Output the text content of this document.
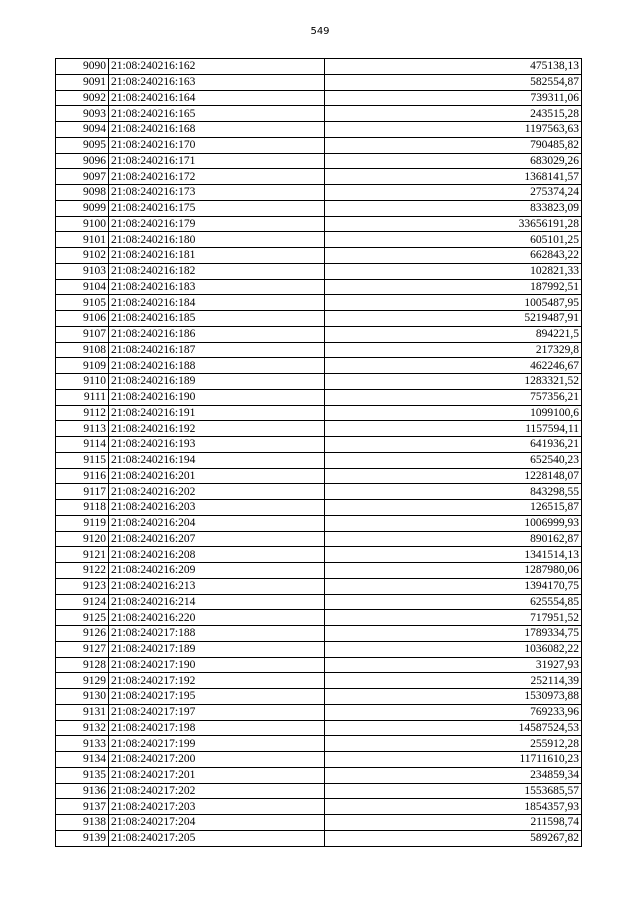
549
9090	21:08:240216:162	475138,13
9091	21:08:240216:163	582554,87
9092	21:08:240216:164	739311,06
9093	21:08:240216:165	243515,28
9094	21:08:240216:168	1197563,63
9095	21:08:240216:170	790485,82
9096	21:08:240216:171	683029,26
9097	21:08:240216:172	1368141,57
9098	21:08:240216:173	275374,24
9099	21:08:240216:175	833823,09
9100	21:08:240216:179	33656191,28
9101	21:08:240216:180	605101,25
9102	21:08:240216:181	662843,22
9103	21:08:240216:182	102821,33
9104	21:08:240216:183	187992,51
9105	21:08:240216:184	1005487,95
9106	21:08:240216:185	5219487,91
9107	21:08:240216:186	894221,5
9108	21:08:240216:187	217329,8
9109	21:08:240216:188	462246,67
9110	21:08:240216:189	1283321,52
9111	21:08:240216:190	757356,21
9112	21:08:240216:191	1099100,6
9113	21:08:240216:192	1157594,11
9114	21:08:240216:193	641936,21
9115	21:08:240216:194	652540,23
9116	21:08:240216:201	1228148,07
9117	21:08:240216:202	843298,55
9118	21:08:240216:203	126515,87
9119	21:08:240216:204	1006999,93
9120	21:08:240216:207	890162,87
9121	21:08:240216:208	1341514,13
9122	21:08:240216:209	1287980,06
9123	21:08:240216:213	1394170,75
9124	21:08:240216:214	625554,85
9125	21:08:240216:220	717951,52
9126	21:08:240217:188	1789334,75
9127	21:08:240217:189	1036082,22
9128	21:08:240217:190	31927,93
9129	21:08:240217:192	252114,39
9130	21:08:240217:195	1530973,88
9131	21:08:240217:197	769233,96
9132	21:08:240217:198	14587524,53
9133	21:08:240217:199	255912,28
9134	21:08:240217:200	11711610,23
9135	21:08:240217:201	234859,34
9136	21:08:240217:202	1553685,57
9137	21:08:240217:203	1854357,93
9138	21:08:240217:204	211598,74
9139	21:08:240217:205	589267,82
